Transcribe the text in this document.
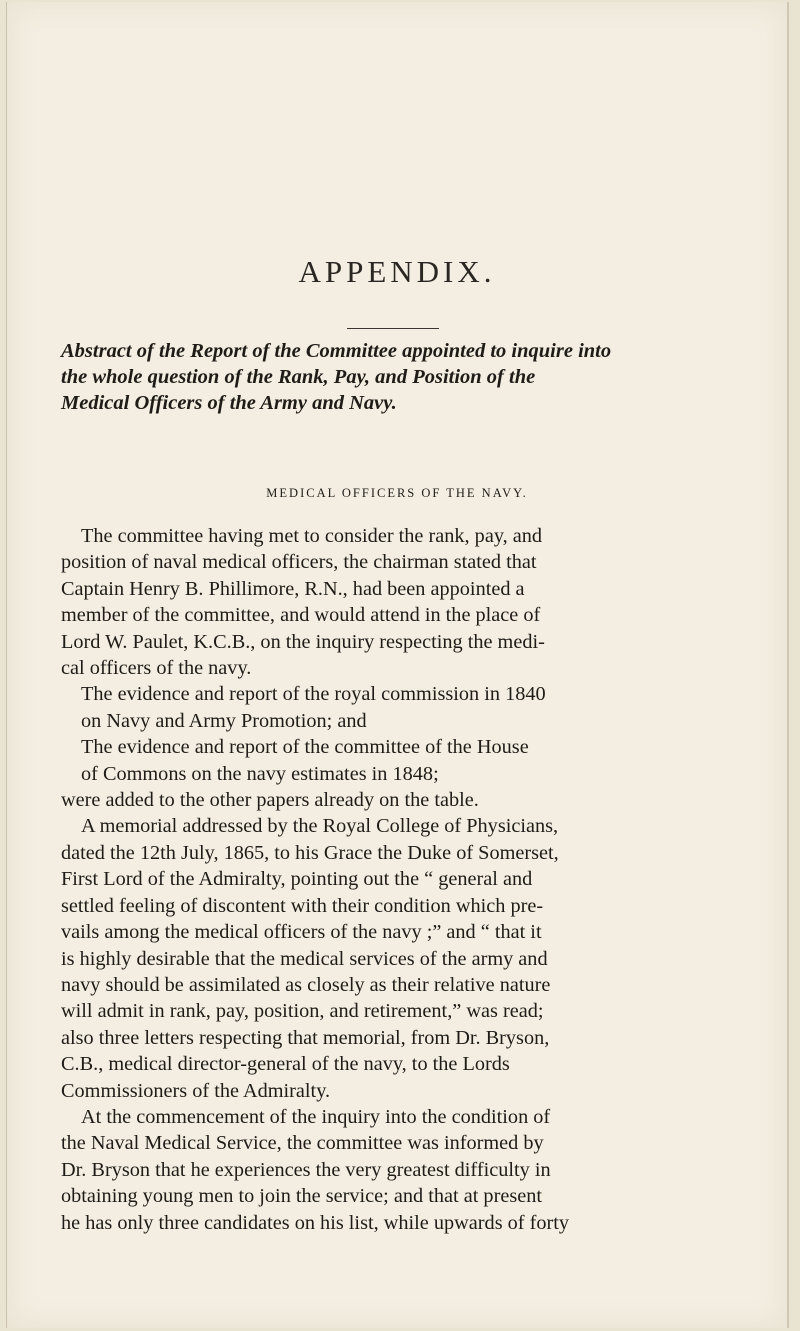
APPENDIX.
Abstract of the Report of the Committee appointed to inquire into
the whole question of the Rank, Pay, and Position of the
Medical Officers of the Army and Navy.
MEDICAL OFFICERS OF THE NAVY.
The committee having met to consider the rank, pay, and
position of naval medical officers, the chairman stated that
Captain Henry B. Phillimore, R.N., had been appointed a
member of the committee, and would attend in the place of
Lord W. Paulet, K.C.B., on the inquiry respecting the medi-
cal officers of the navy.
The evidence and report of the royal commission in 1840
on Navy and Army Promotion; and
The evidence and report of the committee of the House
of Commons on the navy estimates in 1848;
were added to the other papers already on the table.
A memorial addressed by the Royal College of Physicians,
dated the 12th July, 1865, to his Grace the Duke of Somerset,
First Lord of the Admiralty, pointing out the “ general and
settled feeling of discontent with their condition which pre-
vails among the medical officers of the navy ;” and “ that it
is highly desirable that the medical services of the army and
navy should be assimilated as closely as their relative nature
will admit in rank, pay, position, and retirement,” was read;
also three letters respecting that memorial, from Dr. Bryson,
C.B., medical director-general of the navy, to the Lords
Commissioners of the Admiralty.
At the commencement of the inquiry into the condition of
the Naval Medical Service, the committee was informed by
Dr. Bryson that he experiences the very greatest difficulty in
obtaining young men to join the service; and that at present
he has only three candidates on his list, while upwards of forty
